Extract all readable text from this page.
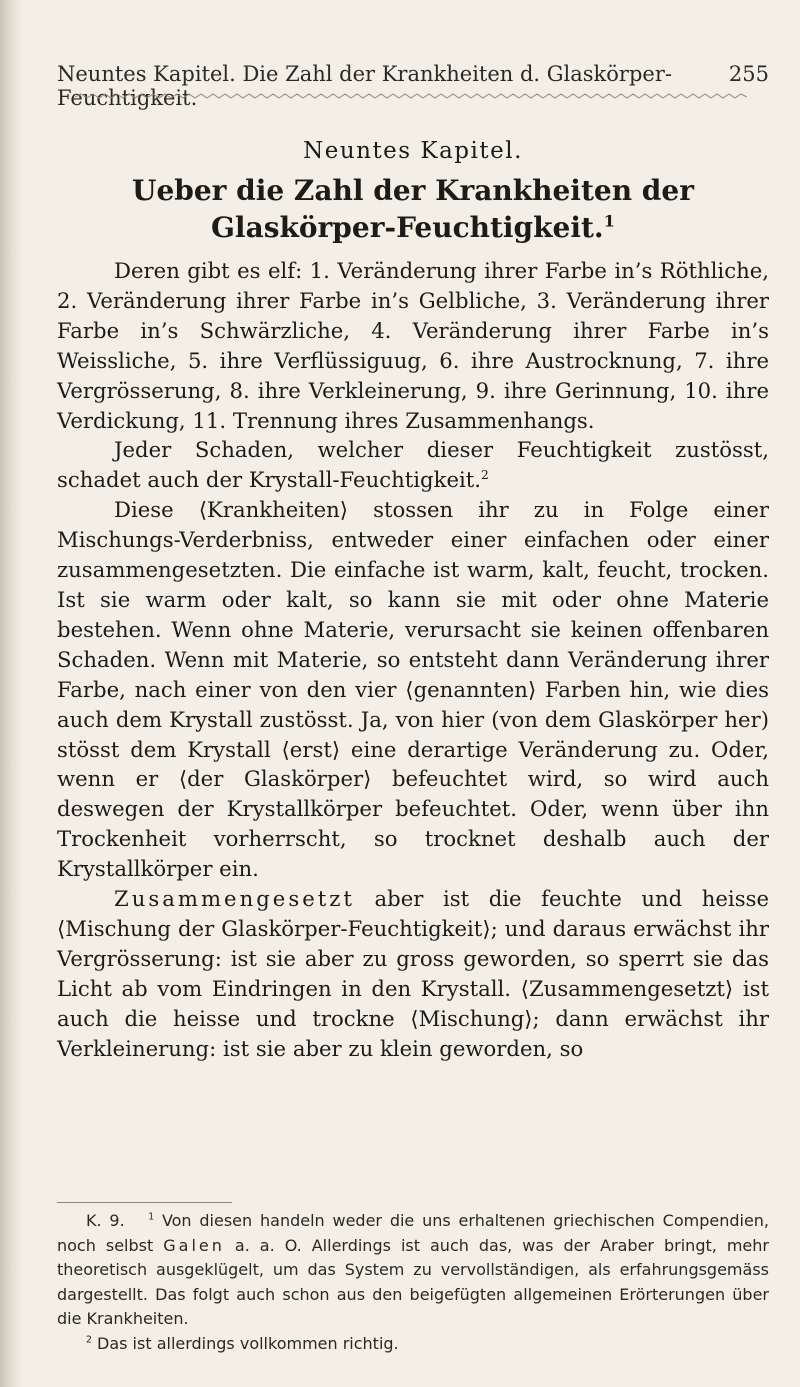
Neuntes Kapitel. Die Zahl der Krankheiten d. Glaskörper-Feuchtigkeit.
255
Neuntes Kapitel.
Ueber die Zahl der Krankheiten der Glaskörper-Feuchtigkeit.$^1$

Deren gibt es elf: 1. Veränderung ihrer Farbe in’s Röthliche, 2. Veränderung ihrer Farbe in’s Gelbliche, 3. Veränderung ihrer Farbe in’s Schwärzliche, 4. Veränderung ihrer Farbe in’s Weissliche, 5. ihre Verflüssiguug, 6. ihre Austrocknung, 7. ihre Vergrösserung, 8. ihre Verkleinerung, 9. ihre Gerinnung, 10. ihre Verdickung, 11. Trennung ihres Zusammenhangs.

Jeder Schaden, welcher dieser Feuchtigkeit zustösst, schadet auch der Krystall-Feuchtigkeit.$^2$

Diese ⟨Krankheiten⟩ stossen ihr zu in Folge einer Mischungs-Verderbniss, entweder einer einfachen oder einer zusammengesetzten. Die einfache ist warm, kalt, feucht, trocken. Ist sie warm oder kalt, so kann sie mit oder ohne Materie bestehen. Wenn ohne Materie, verursacht sie keinen offenbaren Schaden. Wenn mit Materie, so entsteht dann Veränderung ihrer Farbe, nach einer von den vier ⟨genannten⟩ Farben hin, wie dies auch dem Krystall zustösst. Ja, von hier (von dem Glaskörper her) stösst dem Krystall ⟨erst⟩ eine derartige Veränderung zu. Oder, wenn er ⟨der Glaskörper⟩ befeuchtet wird, so wird auch deswegen der Krystallkörper befeuchtet. Oder, wenn über ihn Trockenheit vorherrscht, so trocknet deshalb auch der Krystallkörper ein.

Zusammengesetzt aber ist die feuchte und heisse ⟨Mischung der Glaskörper-Feuchtigkeit⟩; und daraus erwächst ihr Vergrösserung: ist sie aber zu gross geworden, so sperrt sie das Licht ab vom Eindringen in den Krystall. ⟨Zusammengesetzt⟩ ist auch die heisse und trockne ⟨Mischung⟩; dann erwächst ihr Verkleinerung: ist sie aber zu klein geworden, so

K. 9.	$^1$ Von diesen handeln weder die uns erhaltenen griechischen Compendien, noch selbst Galen a. a. O. Allerdings ist auch das, was der Araber bringt, mehr theoretisch ausgeklügelt, um das System zu vervollständigen, als erfahrungsgemäss dargestellt. Das folgt auch schon aus den beigefügten allgemeinen Erörterungen über die Krankheiten.

$^2$ Das ist allerdings vollkommen richtig.
